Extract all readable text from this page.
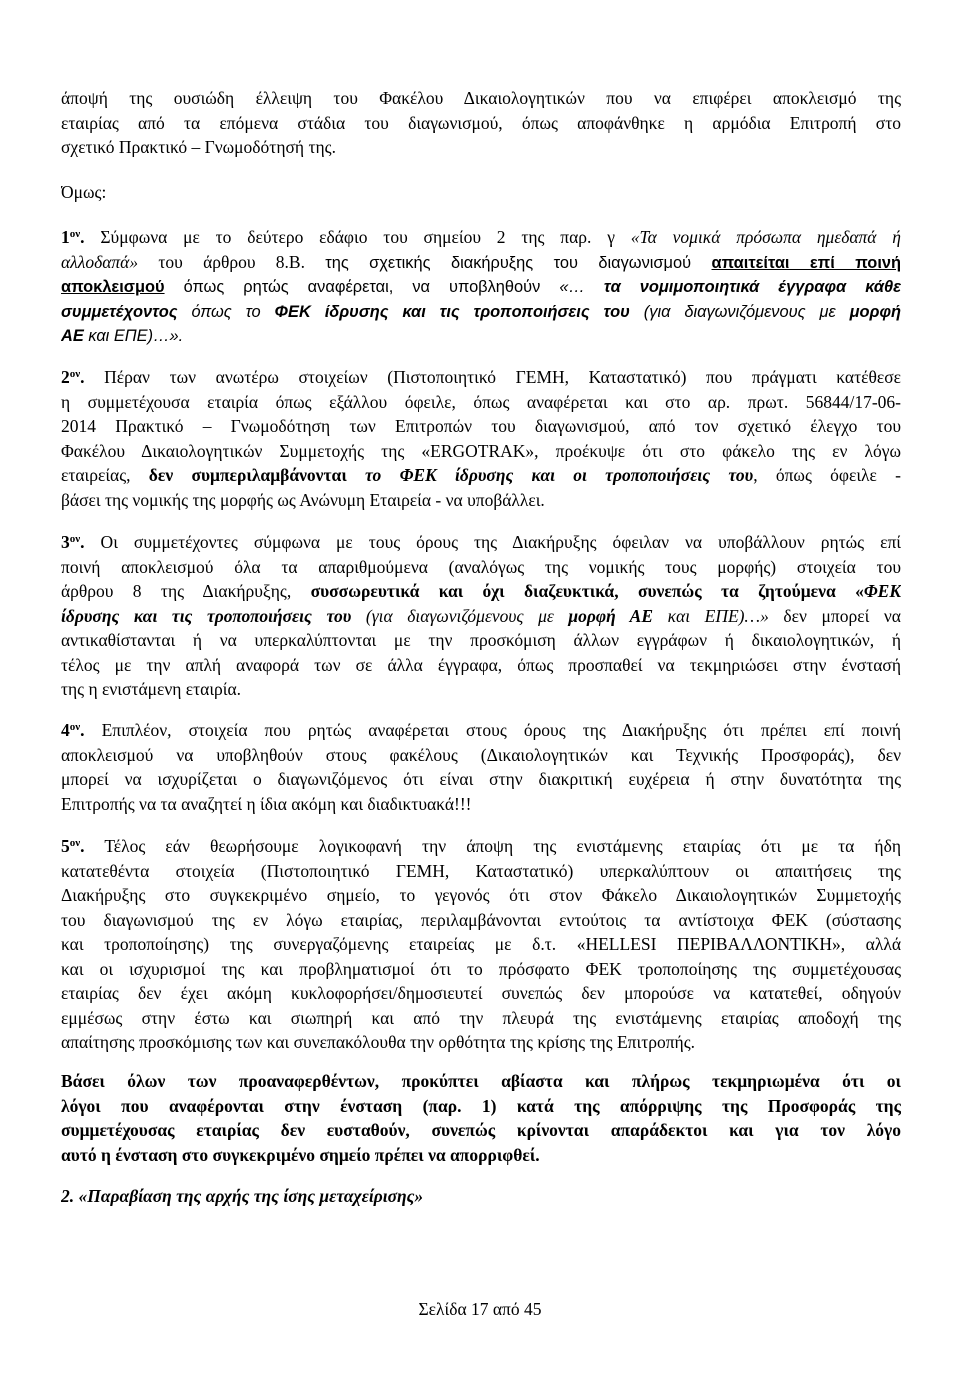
άποψή της ουσιώδη έλλειψη του Φακέλου Δικαιολογητικών που να επιφέρει αποκλεισμό της
εταιρίας από τα επόμενα στάδια του διαγωνισμού, όπως αποφάνθηκε η αρμόδια Επιτροπή στο
σχετικό Πρακτικό – Γνωμοδότησή της.
Όμως:
$1^{o\nu}$. Σύμφωνα με το δεύτερο εδάφιο του σημείου 2 της παρ. γ «Τα νομικά πρόσωπα ημεδαπά ή
αλλοδαπά» του άρθρου 8.Β. της σχετικής διακήρυξης του διαγωνισμού απαιτείται επί ποινή
αποκλεισμού όπως ρητώς αναφέρεται, να υποβληθούν «… τα νομιμοποιητικά έγγραφα κάθε
συμμετέχοντος όπως το ΦΕΚ ίδρυσης και τις τροποποιήσεις του (για διαγωνιζόμενους με μορφή
ΑΕ και ΕΠΕ)…».
$2^{o\nu}$. Πέραν των ανωτέρω στοιχείων (Πιστοποιητικό ΓΕΜΗ, Καταστατικό) που πράγματι κατέθεσε
η συμμετέχουσα εταιρία όπως εξάλλου όφειλε, όπως αναφέρεται και στο αρ. πρωτ. 56844/17-06-
2014 Πρακτικό – Γνωμοδότηση των Επιτροπών του διαγωνισμού, από τον σχετικό έλεγχο του
Φακέλου Δικαιολογητικών Συμμετοχής της «ERGOTRAK», προέκυψε ότι στο φάκελο της εν λόγω
εταιρείας, δεν συμπεριλαμβάνονται το ΦΕΚ ίδρυσης και οι τροποποιήσεις του, όπως όφειλε -
βάσει της νομικής της μορφής ως Ανώνυμη Εταιρεία - να υποβάλλει.
$3^{o\nu}$. Οι συμμετέχοντες σύμφωνα με τους όρους της Διακήρυξης όφειλαν να υποβάλλουν ρητώς επί
ποινή αποκλεισμού όλα τα απαριθμούμενα (αναλόγως της νομικής τους μορφής) στοιχεία του
άρθρου 8 της Διακήρυξης, συσσωρευτικά και όχι διαζευκτικά, συνεπώς τα ζητούμενα «ΦΕΚ
ίδρυσης και τις τροποποιήσεις του (για διαγωνιζόμενους με μορφή ΑΕ και ΕΠΕ)…» δεν μπορεί να
αντικαθίστανται ή να υπερκαλύπτονται με την προσκόμιση άλλων εγγράφων ή δικαιολογητικών, ή
τέλος με την απλή αναφορά των σε άλλα έγγραφα, όπως προσπαθεί να τεκμηριώσει στην ένστασή
της η ενιστάμενη εταιρία.
$4^{o\nu}$. Επιπλέον, στοιχεία που ρητώς αναφέρεται στους όρους της Διακήρυξης ότι πρέπει επί ποινή
αποκλεισμού να υποβληθούν στους φακέλους (Δικαιολογητικών και Τεχνικής Προσφοράς), δεν
μπορεί να ισχυρίζεται ο διαγωνιζόμενος ότι είναι στην διακριτική ευχέρεια ή στην δυνατότητα της
Επιτροπής να τα αναζητεί η ίδια ακόμη και διαδικτυακά!!!
$5^{o\nu}$. Τέλος εάν θεωρήσουμε λογικοφανή την άποψη της ενιστάμενης εταιρίας ότι με τα ήδη
κατατεθέντα στοιχεία (Πιστοποιητικό ΓΕΜΗ, Καταστατικό) υπερκαλύπτουν οι απαιτήσεις της
Διακήρυξης στο συγκεκριμένο σημείο, το γεγονός ότι στον Φάκελο Δικαιολογητικών Συμμετοχής
του διαγωνισμού της εν λόγω εταιρίας, περιλαμβάνονται εντούτοις τα αντίστοιχα ΦΕΚ (σύστασης
και τροποποίησης) της συνεργαζόμενης εταιρείας με δ.τ. «HELLESI ΠΕΡΙΒΑΛΛΟΝΤΙΚΗ», αλλά
και οι ισχυρισμοί της και προβληματισμοί ότι το πρόσφατο ΦΕΚ τροποποίησης της συμμετέχουσας
εταιρίας δεν έχει ακόμη κυκλοφορήσει/δημοσιευτεί συνεπώς δεν μπορούσε να κατατεθεί, οδηγούν
εμμέσως στην έστω και σιωπηρή και από την πλευρά της ενιστάμενης εταιρίας αποδοχή της
απαίτησης προσκόμισης των και συνεπακόλουθα την ορθότητα της κρίσης της Επιτροπής.
Βάσει όλων των προαναφερθέντων, προκύπτει αβίαστα και πλήρως τεκμηριωμένα ότι οι
λόγοι που αναφέρονται στην ένσταση (παρ. 1) κατά της απόρριψης της Προσφοράς της
συμμετέχουσας εταιρίας δεν ευσταθούν, συνεπώς κρίνονται απαράδεκτοι και για τον λόγο
αυτό η ένσταση στο συγκεκριμένο σημείο πρέπει να απορριφθεί.
2. «Παραβίαση της αρχής της ίσης μεταχείρισης»
Σελίδα 17 από 45
